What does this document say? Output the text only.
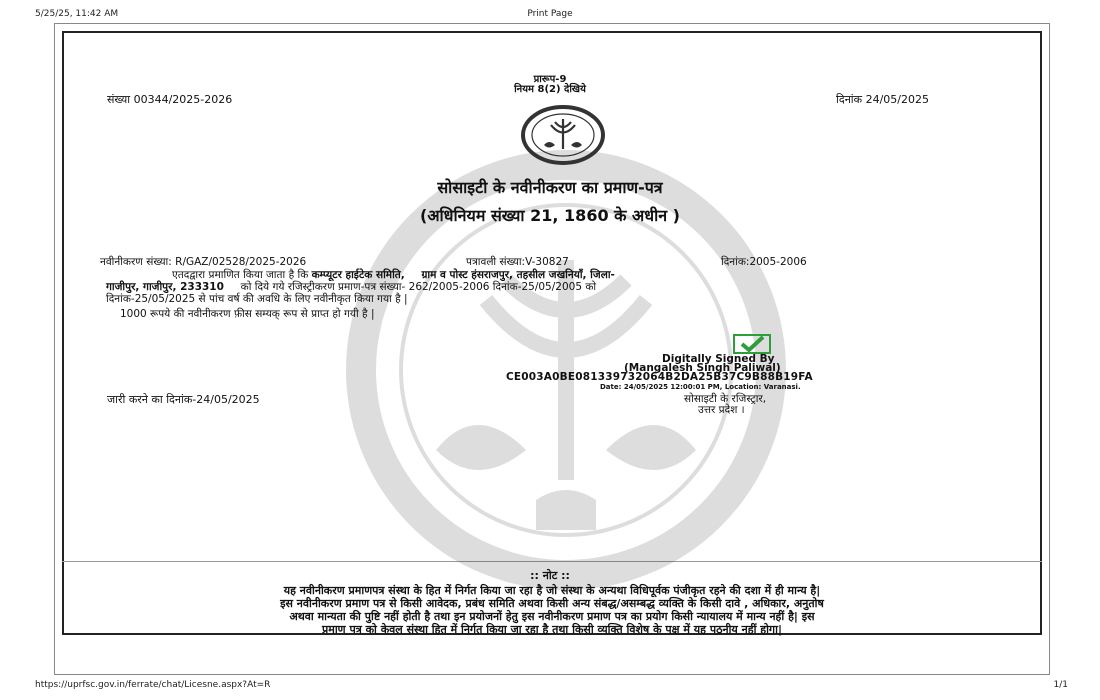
5/25/25, 11:42 AM	Print Page
https://uprfsc.gov.in/ferrate/chat/Licesne.aspx?At=R	1/1
प्रारूप-9
नियम 8(2) देखिये
संख्या 00344/2025-2026	दिनांक 24/05/2025
सोसाइटी के नवीनीकरण का प्रमाण-पत्र
(अधिनियम संख्या 21, 1860 के अधीन )
नवीनीकरण संख्या: R/GAZ/02528/2025-2026	पत्रावली संख्या:V-30827	दिनांक:2005-2006
एतदद्वारा प्रमाणित किया जाता है कि कम्प्यूटर हाईटेक समिति, ग्राम व पोस्ट हंसराजपुर, तहसील जखनियाँ, जिला-
गाजीपुर, गाजीपुर, 233310 को दिये गये रजिस्ट्रीकरण प्रमाण-पत्र संख्या- 262/2005-2006 दिनांक-25/05/2005 को
दिनांक-25/05/2025 से पांच वर्ष की अवधि के लिए नवीनीकृत किया गया है |
1000 रूपये की नवीनीकरण फ़ीस सम्यक् रूप से प्राप्त हो गयी है |
Digitally Signed By
(Mangalesh Singh Paliwal)
CE003A0BE081339732064B2DA25B37C9B88B19FA
Date: 24/05/2025 12:00:01 PM, Location: Varanasi.
सोसाइटी के रजिस्ट्रार,
उत्तर प्रदेश ।
जारी करने का दिनांक-24/05/2025
:: नोट ::
यह नवीनीकरण प्रमाणपत्र संस्था के हित में निर्गत किया जा रहा है जो संस्था के अन्यथा विधिपूर्वक पंजीकृत रहने की दशा में ही मान्य है|
इस नवीनीकरण प्रमाण पत्र से किसी आवेदक, प्रबंध समिति अथवा किसी अन्य संबद्ध/असम्बद्ध व्यक्ति के किसी दावे , अधिकार, अनुतोष
अथवा मान्यता की पुष्टि नहीं होती है तथा इन प्रयोजनों हेतु इस नवीनीकरण प्रमाण पत्र का प्रयोग किसी न्यायालय में मान्य नहीं है| इस
प्रमाण पत्र को केवल संस्था हित में निर्गत किया जा रहा है तथा किसी व्यक्ति विशेष के पक्ष में यह पठनीय नहीं होगा|
